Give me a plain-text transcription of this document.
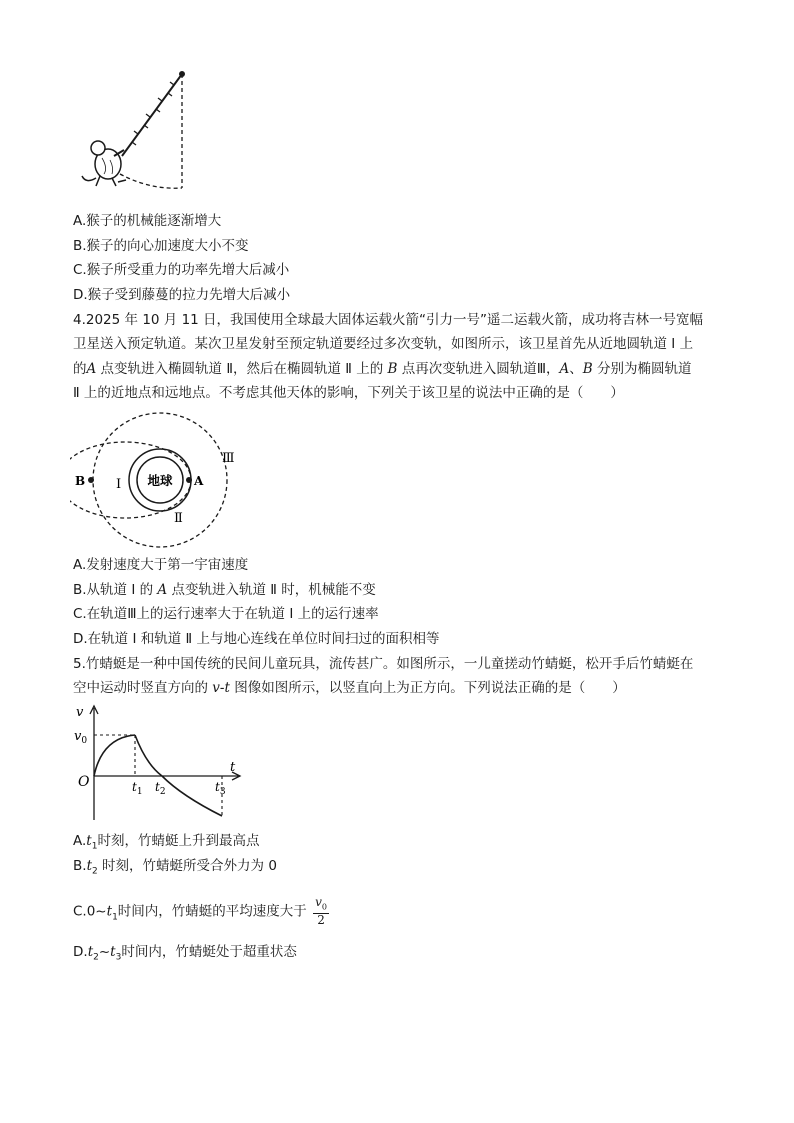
A.猴子的机械能逐渐增大
B.猴子的向心加速度大小不变
C.猴子所受重力的功率先增大后减小
D.猴子受到藤蔓的拉力先增大后减小
4.2025 年 10 月 11 日，我国使用全球最大固体运载火箭“引力一号”遥二运载火箭，成功将吉林一号宽幅
卫星送入预定轨道。某次卫星发射至预定轨道要经过多次变轨，如图所示，该卫星首先从近地圆轨道 Ⅰ 上
的A 点变轨进入椭圆轨道 Ⅱ，然后在椭圆轨道 Ⅱ 上的 B 点再次变轨进入圆轨道Ⅲ，A、B 分别为椭圆轨道
Ⅱ 上的近地点和远地点。不考虑其他天体的影响，下列关于该卫星的说法中正确的是（　　）
地球 A
B Ⅰ
Ⅱ
Ⅲ
A.发射速度大于第一宇宙速度
B.从轨道 Ⅰ 的 A 点变轨进入轨道 Ⅱ 时，机械能不变
C.在轨道Ⅲ上的运行速率大于在轨道 Ⅰ 上的运行速率
D.在轨道 Ⅰ 和轨道 Ⅱ 上与地心连线在单位时间扫过的面积相等
5.竹蜻蜓是一种中国传统的民间儿童玩具，流传甚广。如图所示，一儿童搓动竹蜻蜓，松开手后竹蜻蜓在
空中运动时竖直方向的 v-t 图像如图所示，以竖直向上为正方向。下列说法正确的是（　　）
v
$v_0$
O
t
$t_1$ $t_2$	$t_3$
$A.t_1$时刻，竹蜻蜓上升到最高点
$B.t_2$ 时刻，竹蜻蜓所受合外力为 0
$C.0\sim t_1$时间内，竹蜻蜓的平均速度大于 $\frac{v_0}{2}$
$D.t_2\sim t_3$时间内，竹蜻蜓处于超重状态
